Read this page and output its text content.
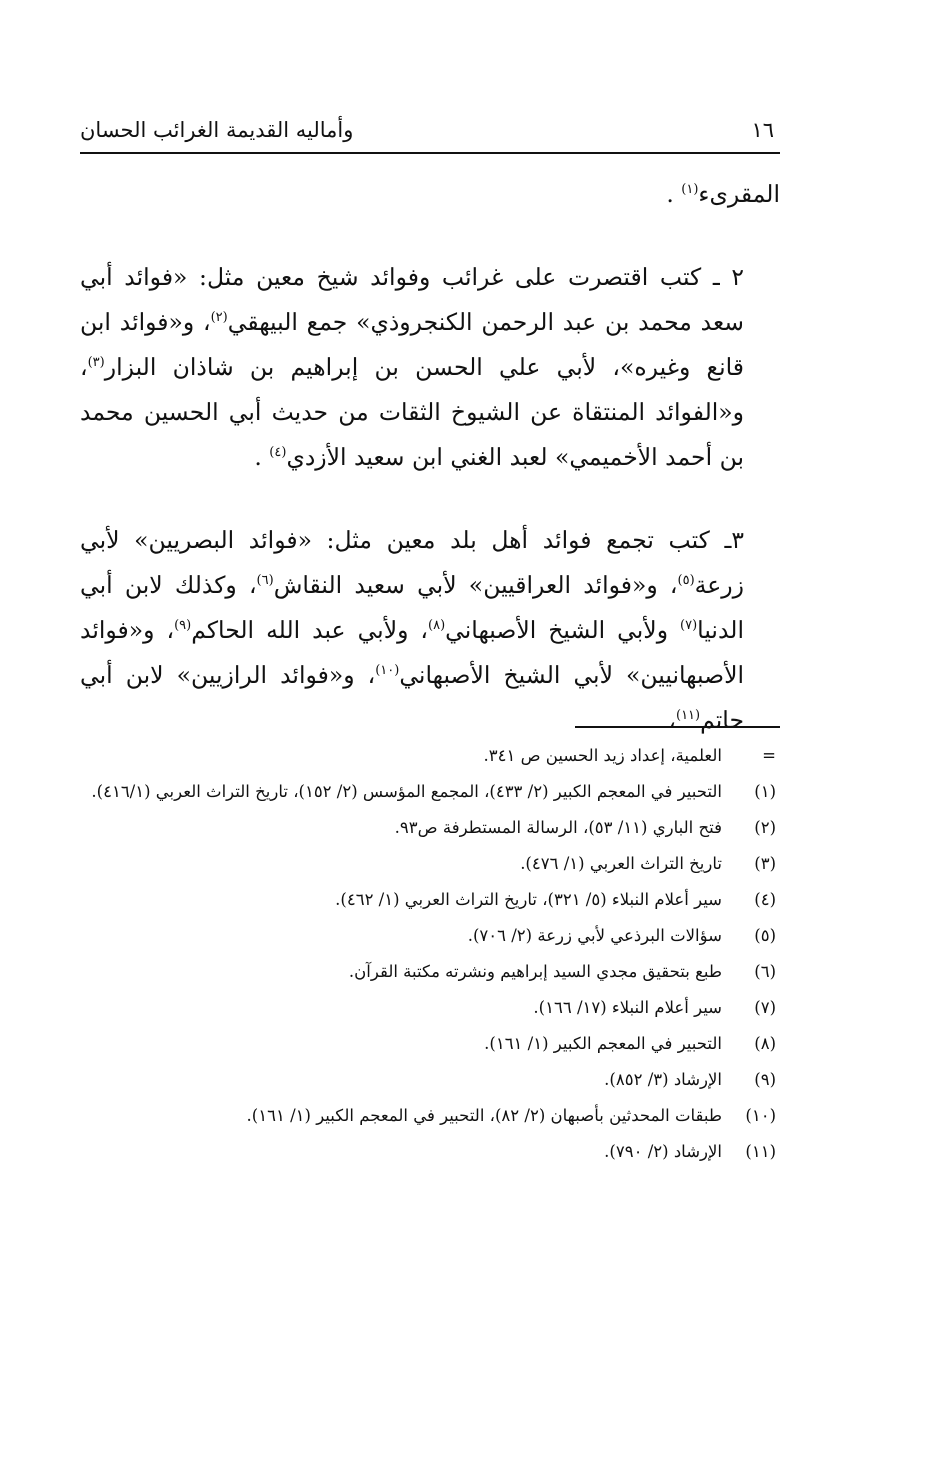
١٦
وأماليه القديمة الغرائب الحسان

المقرىء$^{(١)}$ .

٢ ـ كتب اقتصرت على غرائب وفوائد شيخ معين مثل: «فوائد أبي سعد محمد بن عبد الرحمن الكنجروذي» جمع البيهقي$^{(٢)}$، و«فوائد ابن قانع وغيره»، لأبي علي الحسن بن إبراهيم بن شاذان البزار$^{(٣)}$، و«الفوائد المنتقاة عن الشيوخ الثقات من حديث أبي الحسين محمد بن أحمد الأخميمي» لعبد الغني ابن سعيد الأزدي$^{(٤)}$ .

٣ـ كتب تجمع فوائد أهل بلد معين مثل: «فوائد البصريين» لأبي زرعة$^{(٥)}$، و«فوائد العراقيين» لأبي سعيد النقاش$^{(٦)}$، وكذلك لابن أبي الدنيا$^{(٧)}$ ولأبي الشيخ الأصبهاني$^{(٨)}$، ولأبي عبد الله الحاكم$^{(٩)}$، و«فوائد الأصبهانيين» لأبي الشيخ الأصبهاني$^{(١٠)}$، و«فوائد الرازيين» لابن أبي حاتم$^{(١١)}$،

=
العلمية، إعداد زيد الحسين ص ٣٤١.
(١)
التحبير في المعجم الكبير (٢/ ٤٣٣)، المجمع المؤسس (٢/ ١٥٢)، تاريخ التراث العربي (٤١٦/١).
(٢)
فتح الباري (١١/ ٥٣)، الرسالة المستطرفة ص٩٣.
(٣)
تاريخ التراث العربي (١/ ٤٧٦).
(٤)
سير أعلام النبلاء (٥/ ٣٢١)، تاريخ التراث العربي (١/ ٤٦٢).
(٥)
سؤالات البرذعي لأبي زرعة (٢/ ٧٠٦).
(٦)
طبع بتحقيق مجدي السيد إبراهيم ونشرته مكتبة القرآن.
(٧)
سير أعلام النبلاء (١٧/ ١٦٦).
(٨)
التحبير في المعجم الكبير (١/ ١٦١).
(٩)
الإرشاد (٣/ ٨٥٢).
(١٠)
طبقات المحدثين بأصبهان (٢/ ٨٢)، التحبير في المعجم الكبير (١/ ١٦١).
(١١)
الإرشاد (٢/ ٧٩٠).
